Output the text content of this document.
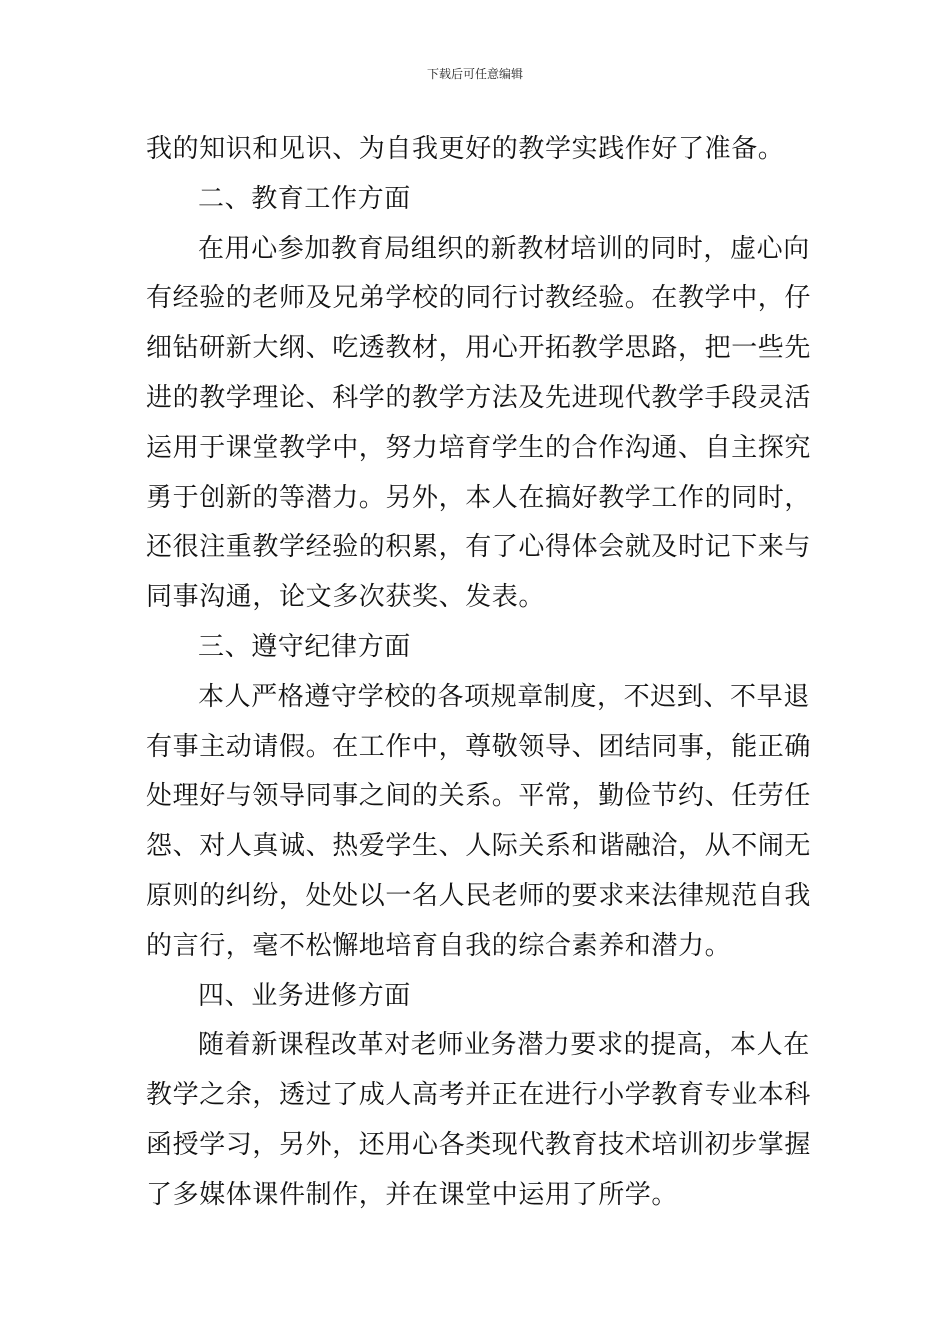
下载后可任意编辑
我的知识和见识、为自我更好的教学实践作好了准备。
二、教育工作方面
在用心参加教育局组织的新教材培训的同时，虚心向
有经验的老师及兄弟学校的同行讨教经验。在教学中，仔
细钻研新大纲、吃透教材，用心开拓教学思路，把一些先
进的教学理论、科学的教学方法及先进现代教学手段灵活
运用于课堂教学中，努力培育学生的合作沟通、自主探究
勇于创新的等潜力。另外，本人在搞好教学工作的同时，
还很注重教学经验的积累，有了心得体会就及时记下来与
同事沟通，论文多次获奖、发表。
三、遵守纪律方面
本人严格遵守学校的各项规章制度，不迟到、不早退
有事主动请假。在工作中，尊敬领导、团结同事，能正确
处理好与领导同事之间的关系。平常，勤俭节约、任劳任
怨、对人真诚、热爱学生、人际关系和谐融洽，从不闹无
原则的纠纷，处处以一名人民老师的要求来法律规范自我
的言行，毫不松懈地培育自我的综合素养和潜力。
四、业务进修方面
随着新课程改革对老师业务潜力要求的提高，本人在
教学之余，透过了成人高考并正在进行小学教育专业本科
函授学习，另外，还用心各类现代教育技术培训初步掌握
了多媒体课件制作，并在课堂中运用了所学。
